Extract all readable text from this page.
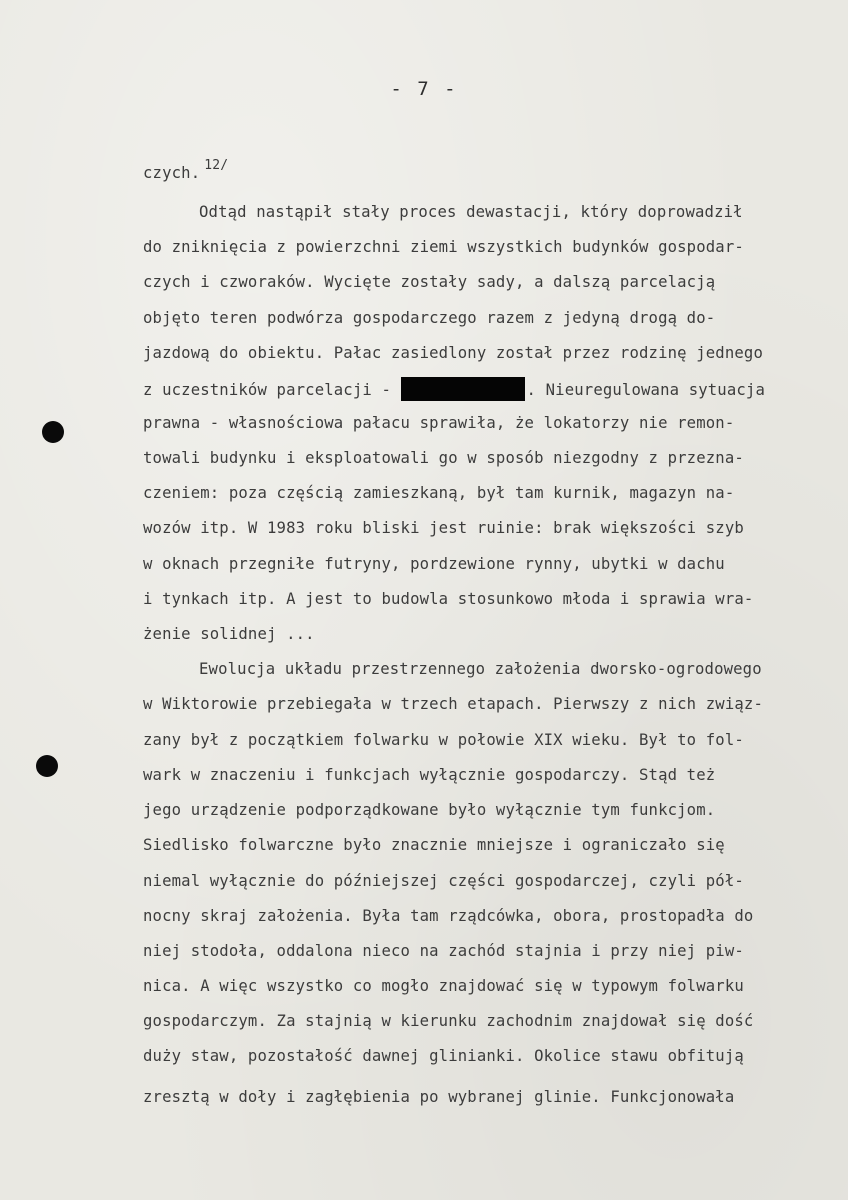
- 7 -
czych. $^{12/}$
Odtąd nastąpił stały proces dewastacji, który doprowadził
do zniknięcia z powierzchni ziemi wszystkich budynków gospodar-
czych i czworaków. Wycięte zostały sady, a dalszą parcelacją
objęto teren podwórza gospodarczego razem z jedyną drogą do-
jazdową do obiektu. Pałac zasiedlony został przez rodzinę jednego
z uczestników parcelacji -	. Nieuregulowana sytuacja
prawna - własnościowa pałacu sprawiła, że lokatorzy nie remon-
towali budynku i eksploatowali go w sposób niezgodny z przezna-
czeniem: poza częścią zamieszkaną, był tam kurnik, magazyn na-
wozów itp. W 1983 roku bliski jest ruinie: brak większości szyb
w oknach przegniłe futryny, pordzewione rynny, ubytki w dachu
i tynkach itp. A jest to budowla stosunkowo młoda i sprawia wra-
żenie solidnej ...
Ewolucja układu przestrzennego założenia dworsko-ogrodowego
w Wiktorowie przebiegała w trzech etapach. Pierwszy z nich związ-
zany był z początkiem folwarku w połowie XIX wieku. Był to fol-
wark w znaczeniu i funkcjach wyłącznie gospodarczy. Stąd też
jego urządzenie podporządkowane było wyłącznie tym funkcjom.
Siedlisko folwarczne było znacznie mniejsze i ograniczało się
niemal wyłącznie do późniejszej części gospodarczej, czyli pół-
nocny skraj założenia. Była tam rządcówka, obora, prostopadła do
niej stodoła, oddalona nieco na zachód stajnia i przy niej piw-
nica. A więc wszystko co mogło znajdować się w typowym folwarku
gospodarczym. Za stajnią w kierunku zachodnim znajdował się dość
duży staw, pozostałość dawnej glinianki. Okolice stawu obfitują
zresztą w doły i zagłębienia po wybranej glinie. Funkcjonowała
